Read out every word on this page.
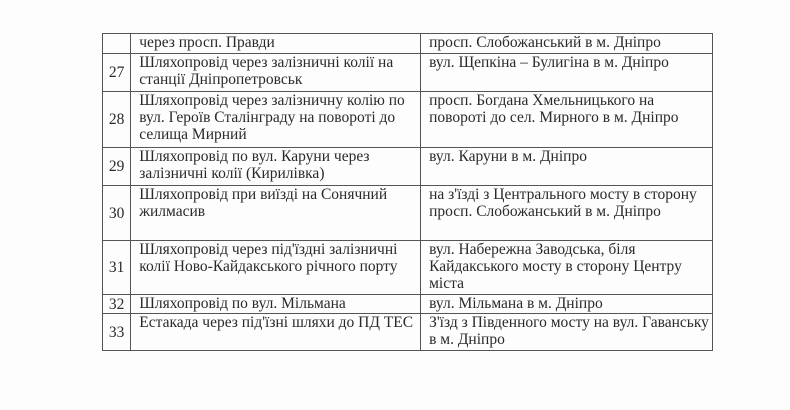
	через просп. Правди	просп. Слобожанський в м. Дніпро
27	Шляхопровід через залізничні колії на станції Дніпропетровськ	вул. Щепкіна – Булигіна в м. Дніпро
28	Шляхопровід через залізничну колію по вул. Героїв Сталінграду на повороті до селища Мирний	просп. Богдана Хмельницького на повороті до сел. Мирного в м. Дніпро
29	Шляхопровід по вул. Каруни через залізничні колії (Кирилівка)	вул. Каруни в м. Дніпро
30	Шляхопровід при виїзді на Сонячний жилмасив	на з'їзді з Центрального мосту в сторону просп. Слобожанський в м. Дніпро
31	Шляхопровід через під'їздні залізничні колії Ново-Кайдакського річного порту	вул. Набережна Заводська, біля Кайдакського мосту в сторону Центру міста
32	Шляхопровід по вул. Мільмана	вул. Мільмана в м. Дніпро
33	Естакада через під'їзні шляхи до ПД ТЕС	З'їзд з Південного мосту на вул. Гаванську в м. Дніпро
